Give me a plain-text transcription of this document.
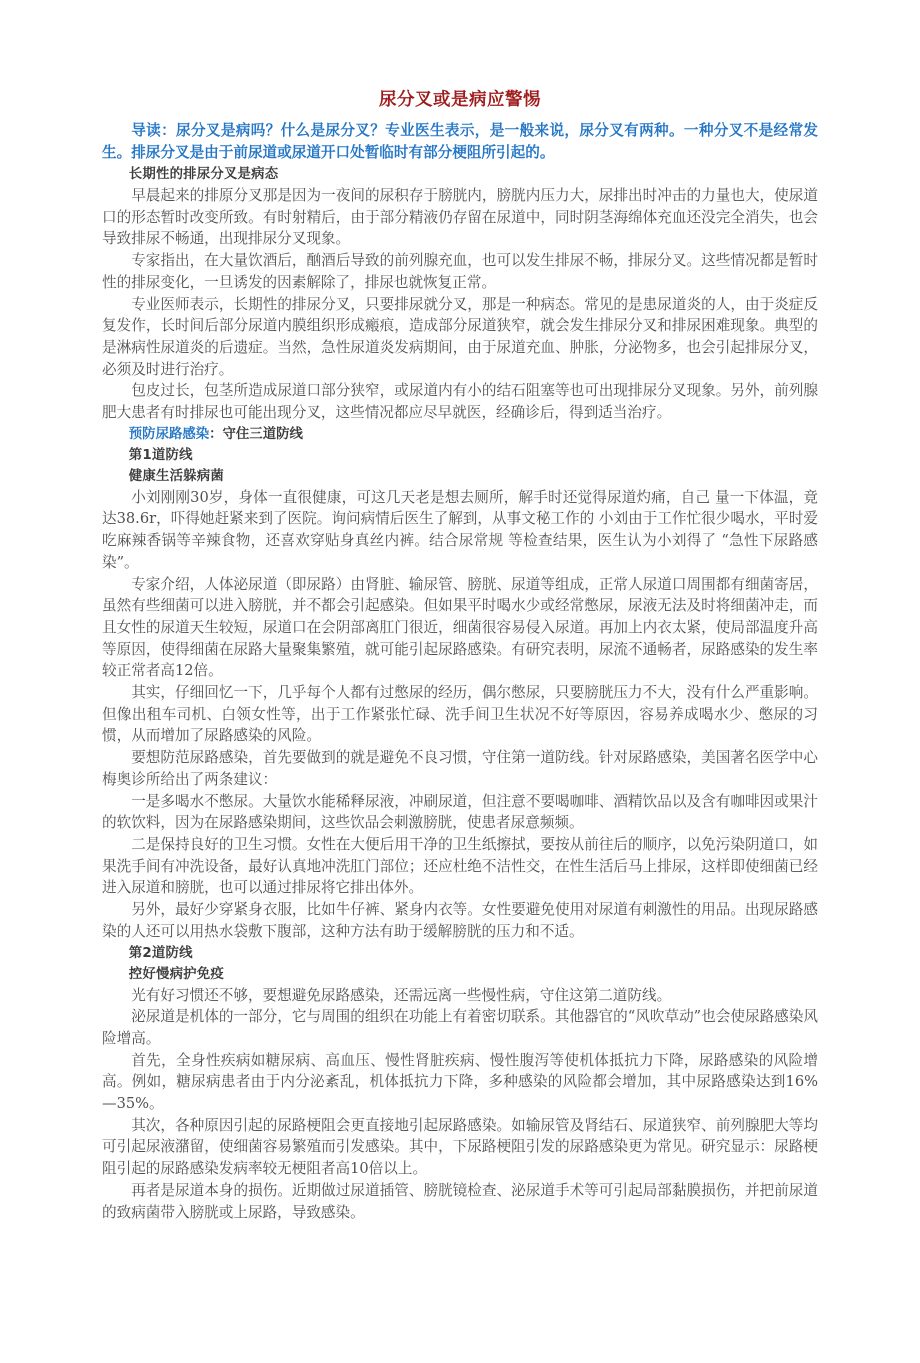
尿分叉或是病应警惕

导读：尿分叉是病吗？什么是尿分叉？专业医生表示，是一般来说，尿分叉有两种。一种分叉不是经常发生。排尿分叉是由于前尿道或尿道开口处暂临时有部分梗阻所引起的。

长期性的排尿分叉是病态

早晨起来的排原分叉那是因为一夜间的尿积存于膀胱内，膀胱内压力大，尿排出时冲击的力量也大，使尿道口的形态暂时改变所致。有时射精后，由于部分精液仍存留在尿道中，同时阴茎海绵体充血还没完全消失，也会导致排尿不畅通，出现排尿分叉现象。

专家指出，在大量饮酒后，酗酒后导致的前列腺充血，也可以发生排尿不畅，排尿分叉。这些情况都是暂时性的排尿变化，一旦诱发的因素解除了，排尿也就恢复正常。

专业医师表示，长期性的排尿分叉，只要排尿就分叉，那是一种病态。常见的是患尿道炎的人，由于炎症反复发作，长时间后部分尿道内膜组织形成瘢痕，造成部分尿道狭窄，就会发生排尿分叉和排尿困难现象。典型的是淋病性尿道炎的后遗症。当然，急性尿道炎发病期间，由于尿道充血、肿胀，分泌物多，也会引起排尿分叉，必须及时进行治疗。

包皮过长，包茎所造成尿道口部分狭窄，或尿道内有小的结石阻塞等也可出现排尿分叉现象。另外，前列腺肥大患者有时排尿也可能出现分叉，这些情况都应尽早就医，经确诊后，得到适当治疗。

预防尿路感染：守住三道防线

第1道防线

健康生活躲病菌

小刘刚刚30岁，身体一直很健康，可这几天老是想去厕所，解手时还觉得尿道灼痛，自己 量一下体温，竟达38.6r，吓得她赶紧来到了医院。询问病情后医生了解到，从事文秘工作的 小刘由于工作忙很少喝水，平时爱吃麻辣香锅等辛辣食物，还喜欢穿贴身真丝内裤。结合尿常规 等检查结果，医生认为小刘得了 “急性下尿路感染”。

专家介绍，人体泌尿道（即尿路）由肾脏、输尿管、膀胱、尿道等组成，正常人尿道口周围都有细菌寄居，虽然有些细菌可以进入膀胱，并不都会引起感染。但如果平时喝水少或经常憋尿，尿液无法及时将细菌冲走，而且女性的尿道天生较短，尿道口在会阴部离肛门很近，细菌很容易侵入尿道。再加上内衣太紧，使局部温度升高等原因，使得细菌在尿路大量聚集繁殖，就可能引起尿路感染。有研究表明，尿流不通畅者，尿路感染的发生率较正常者高12倍。

其实，仔细回忆一下，几乎每个人都有过憋尿的经历，偶尔憋尿，只要膀胱压力不大，没有什么严重影响。但像出租车司机、白领女性等，出于工作紧张忙碌、洗手间卫生状况不好等原因，容易养成喝水少、憋尿的习惯，从而增加了尿路感染的风险。

要想防范尿路感染，首先要做到的就是避免不良习惯，守住第一道防线。针对尿路感染，美国著名医学中心梅奥诊所给出了两条建议：

一是多喝水不憋尿。大量饮水能稀释尿液，冲刷尿道，但注意不要喝咖啡、酒精饮品以及含有咖啡因或果汁的软饮料，因为在尿路感染期间，这些饮品会刺激膀胱，使患者尿意频频。

二是保持良好的卫生习惯。女性在大便后用干净的卫生纸擦拭，要按从前往后的顺序，以免污染阴道口，如果洗手间有冲洗设备，最好认真地冲洗肛门部位；还应杜绝不洁性交，在性生活后马上排尿，这样即使细菌已经进入尿道和膀胱，也可以通过排尿将它排出体外。

另外，最好少穿紧身衣服，比如牛仔裤、紧身内衣等。女性要避免使用对尿道有刺激性的用品。出现尿路感染的人还可以用热水袋敷下腹部，这种方法有助于缓解膀胱的压力和不适。

第2道防线

控好慢病护免疫

光有好习惯还不够，要想避免尿路感染，还需远离一些慢性病，守住这第二道防线。

泌尿道是机体的一部分，它与周围的组织在功能上有着密切联系。其他器官的“风吹草动”也会使尿路感染风险增高。

首先，全身性疾病如糖尿病、高血压、慢性肾脏疾病、慢性腹泻等使机体抵抗力下降，尿路感染的风险增高。例如，糖尿病患者由于内分泌紊乱，机体抵抗力下降，多种感染的风险都会增加，其中尿路感染达到16%—35%。

其次，各种原因引起的尿路梗阻会更直接地引起尿路感染。如输尿管及肾结石、尿道狭窄、前列腺肥大等均可引起尿液潴留，使细菌容易繁殖而引发感染。其中，下尿路梗阻引发的尿路感染更为常见。研究显示：尿路梗阻引起的尿路感染发病率较无梗阻者高10倍以上。

再者是尿道本身的损伤。近期做过尿道插管、膀胱镜检查、泌尿道手术等可引起局部黏膜损伤，并把前尿道的致病菌带入膀胱或上尿路，导致感染。
